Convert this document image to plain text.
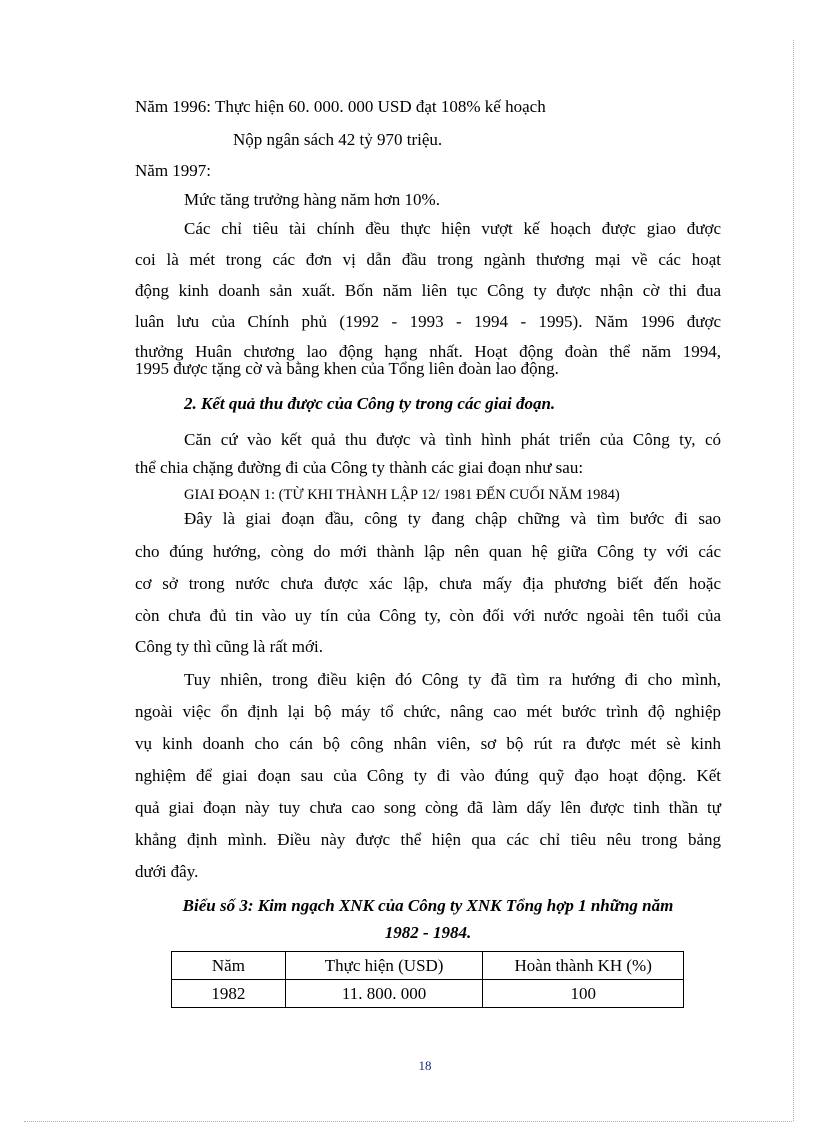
Năm 1996: Thực hiện 60. 000. 000 USD đạt 108% kế hoạch
Nộp ngân sách 42 tỷ 970 triệu.
Năm 1997:
Mức tăng trưởng hàng năm hơn 10%.
Các chỉ tiêu tài chính đều thực hiện vượt kế hoạch được giao được
coi là mét trong các đơn vị dẫn đầu trong ngành thương mại về các hoạt
động kinh doanh sản xuất. Bốn năm liên tục Công ty được nhận cờ thi đua
luân lưu của Chính phủ (1992 - 1993 - 1994 - 1995). Năm 1996 được
thưởng Huân chương lao động hạng nhất. Hoạt động đoàn thể năm 1994,
1995 được tặng cờ và bằng khen của Tổng liên đoàn lao động.
2. Kết quả thu được của Công ty trong các giai đoạn.
Căn cứ vào kết quả thu được và tình hình phát triển của Công ty, có
thể chia chặng đường đi của Công ty thành các giai đoạn như sau:
GIAI ĐOẠN 1: (TỪ KHI THÀNH LẬP 12/ 1981 ĐẾN CUỐI NĂM 1984)
Đây là giai đoạn đầu, công ty đang chập chững và tìm bước đi sao
cho đúng hướng, còng do mới thành lập nên quan hệ giữa Công ty với các
cơ sở trong nước chưa được xác lập, chưa mấy địa phương biết đến hoặc
còn chưa đủ tin vào uy tín của Công ty, còn đối với nước ngoài tên tuổi của
Công ty thì cũng là rất mới.
Tuy nhiên, trong điều kiện đó Công ty đã tìm ra hướng đi cho mình,
ngoài việc ổn định lại bộ máy tổ chức, nâng cao mét bước trình độ nghiệp
vụ kinh doanh cho cán bộ công nhân viên, sơ bộ rút ra được mét sè kinh
nghiệm để giai đoạn sau của Công ty đi vào đúng quỹ đạo hoạt động. Kết
quả giai đoạn này tuy chưa cao song còng đã làm dấy lên được tinh thần tự
khẳng định mình. Điều này được thể hiện qua các chỉ tiêu nêu trong bảng
dưới đây.
Biểu số 3: Kim ngạch XNK của Công ty XNK Tổng hợp 1 những năm
1982 - 1984.
Năm	Thực hiện (USD)	Hoàn thành KH (%)
1982	11. 800. 000	100
18
